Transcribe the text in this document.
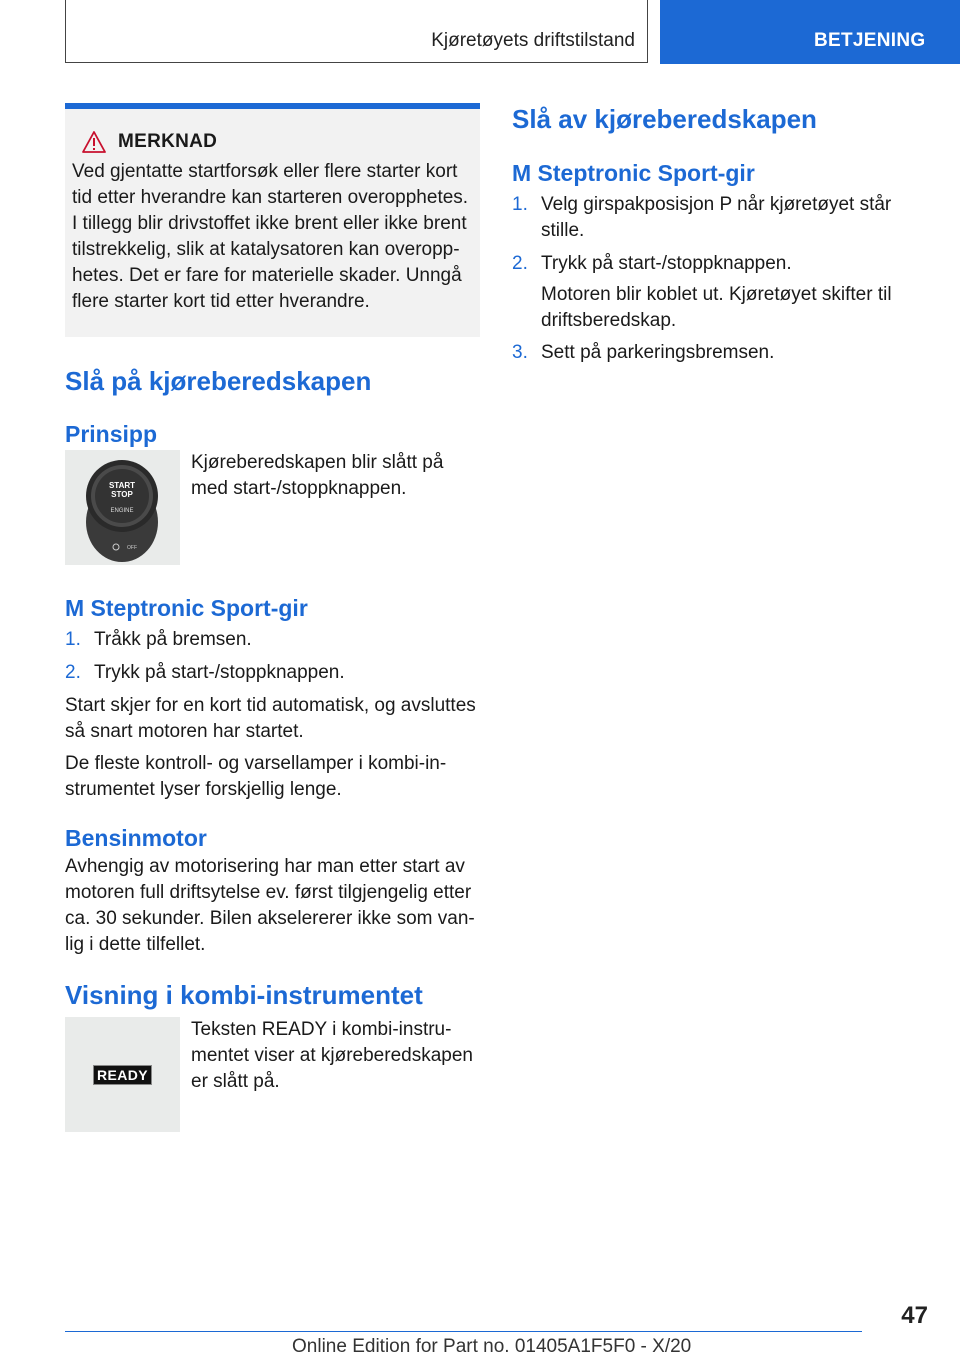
Kjøretøyets driftstilstand	BETJENING
MERKNAD

Ved gjentatte startforsøk eller flere starter kort tid etter hverandre kan starteren overopphetes. I tillegg blir drivstoffet ikke brent eller ikke brent tilstrekkelig, slik at katalysatoren kan overopp-hetes. Det er fare for materielle skader. Unngå flere starter kort tid etter hverandre.

Slå på kjøreberedskapen
Prinsipp
START
STOP
ENGINE
OFF
Kjøreberedskapen blir slått på med start-/stoppknappen.
M Steptronic Sport-gir
1. Tråkk på bremsen.
2. Trykk på start-/stoppknappen.

Start skjer for en kort tid automatisk, og avsluttes så snart motoren har startet.

De fleste kontroll- og varsellamper i kombi-in-strumentet lyser forskjellig lenge.

Bensinmotor

Avhengig av motorisering har man etter start av motoren full driftsytelse ev. først tilgjengelig etter ca. 30 sekunder. Bilen akselererer ikke som van-lig i dette tilfellet.

Visning i kombi-instrumentet
READY
Teksten READY i kombi-instru-mentet viser at kjøreberedskapen er slått på.
Slå av kjøreberedskapen
M Steptronic Sport-gir
1. Velg girspakposisjon P når kjøretøyet står stille.
2. Trykk på start-/stoppknappen.
Motoren blir koblet ut. Kjøretøyet skifter til driftsberedskap.
3. Sett på parkeringsbremsen.
47
Online Edition for Part no. 01405A1F5F0 - X/20
